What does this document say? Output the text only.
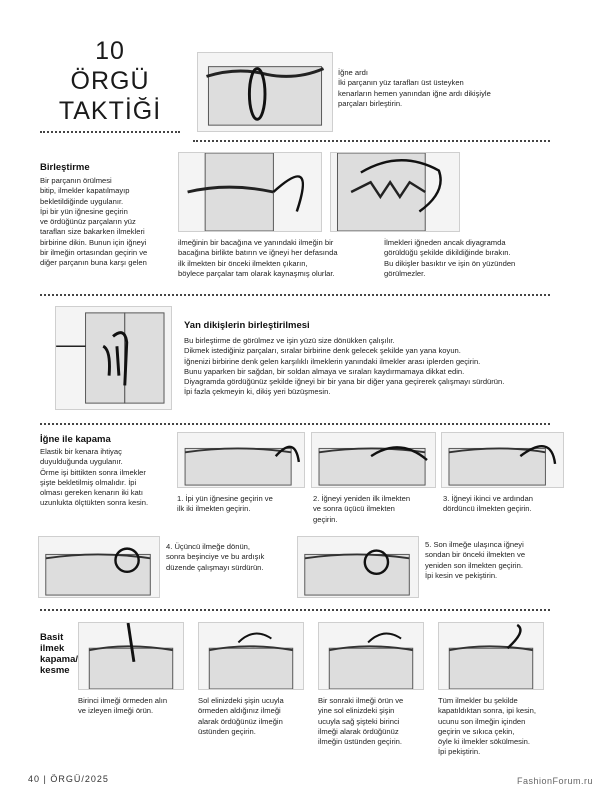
10
ÖRGÜ
TAKTİĞİ
İğne ardı
İki parçanın yüz tarafları üst üsteyken
kenarların hemen yanından iğne ardı dikişiyle
parçaları birleştirin.
Birleştirme
Bir parçanın örülmesi
bitip, ilmekler kapatılmayıp
bekletildiğinde uygulanır.
İpi bir yün iğnesine geçirin
ve ördüğünüz parçaların yüz
tarafları size bakarken ilmekleri
birbirine dikin. Bunun için iğneyi
bir ilmeğin ortasından geçirin ve
diğer parçanın buna karşı gelen
ilmeğinin bir bacağına ve yanındaki ilmeğin bir
bacağına birlikte batırın ve iğneyi her defasında
ilk ilmekten bir önceki ilmekten çıkarın,
böylece parçalar tam olarak kaynaşmış olurlar.
İlmekleri iğneden ancak diyagramda
görüldüğü şekilde dikildiğinde bırakın.
Bu dikişler basıktır ve işin ön yüzünden
görülmezler.
Yan dikişlerin birleştirilmesi
Bu birleştirme de görülmez ve işin yüzü size dönükken çalışılır.
Dikmek istediğiniz parçaları, sıralar birbirine denk gelecek şekilde yan yana koyun.
İğnenizi birbirine denk gelen karşılıklı ilmeklerin yanındaki ilmekler arası iplerden geçirin.
Bunu yaparken bir sağdan, bir soldan almaya ve sıraları kaydırmamaya dikkat edin.
Diyagramda gördüğünüz şekilde iğneyi bir bir yana bir diğer yana geçirerek çalışmayı sürdürün.
İpi fazla çekmeyin ki, dikiş yeri büzüşmesin.
İğne ile kapama
Elastik bir kenara ihtiyaç
duyulduğunda uygulanır.
Örme işi bittikten sonra ilmekler
şişte bekletilmiş olmalıdır. İpi
olması gereken kenarın iki katı
uzunlukta ölçtükten sonra kesin.	1. İpi yün iğnesine geçirin ve
ilk iki ilmekten geçirin.
2. İğneyi yeniden ilk ilmekten
ve sonra üçücü ilmekten
geçirin.
3. İğneyi ikinci ve ardından
dördüncü ilmekten geçirin.
4. Üçüncü ilmeğe dönün,
sonra beşinciye ve bu ardışık
düzende çalışmayı sürdürün.
5. Son ilmeğe ulaşınca iğneyi
sondan bir önceki ilmekten ve
yeniden son ilmekten geçirin.
İpi kesin ve pekiştirin.
Basit
ilmek
kapama/
kesme
Birinci ilmeği örmeden alın
ve izleyen ilmeği örün.
Sol elinizdeki şişin ucuyla
örmeden aldığınız ilmeği
alarak ördüğünüz ilmeğin
üstünden geçirin.
Bir sonraki ilmeği örün ve
yine sol elinizdeki şişin
ucuyla sağ şişteki birinci
ilmeği alarak ördüğünüz
ilmeğin üstünden geçirin.
Tüm ilmekler bu şekilde
kapatıldıktan sonra, ipi kesin,
ucunu son ilmeğin içinden
geçirin ve sıkıca çekin,
öyle ki ilmekler sökülmesin.
İpi pekiştirin.
40 | ÖRGÜ/2025	FashionForum.ru
